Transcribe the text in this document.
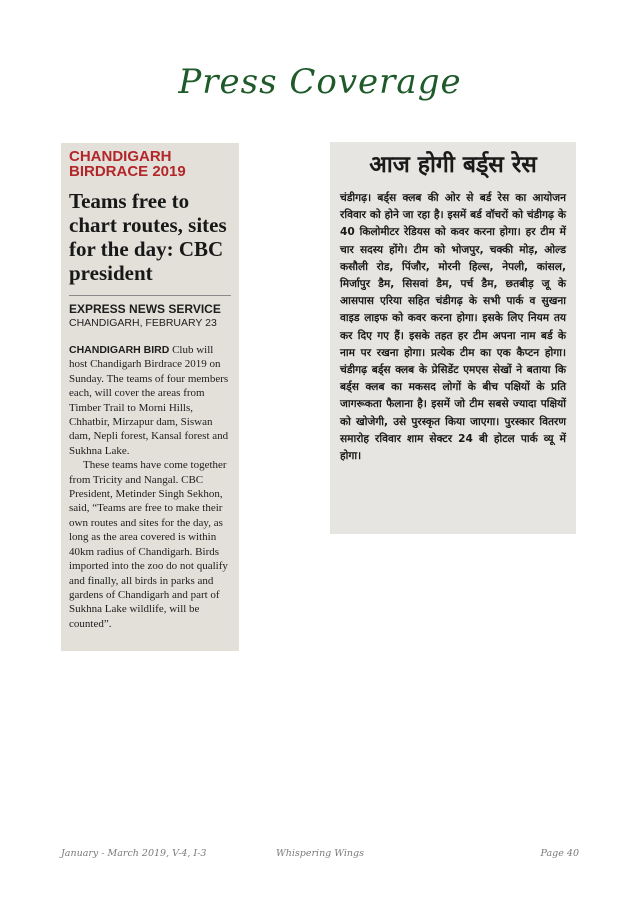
Press Coverage
CHANDIGARH
BIRDRACE 2019
Teams free to chart routes, sites for the day: CBC president
EXPRESS NEWS SERVICE
CHANDIGARH, FEBRUARY 23

CHANDIGARH BIRD Club will host Chandigarh Birdrace 2019 on Sunday. The teams of four members each, will cover the areas from Timber Trail to Morni Hills, Chhatbir, Mirzapur dam, Siswan dam, Nepli forest, Kansal forest and Sukhna Lake.

These teams have come together from Tricity and Nangal. CBC President, Metinder Singh Sekhon, said, “Teams are free to make their own routes and sites for the day, as long as the area covered is within 40km radius of Chandigarh. Birds imported into the zoo do not qualify and finally, all birds in parks and gardens of Chandigarh and part of Sukhna Lake wildlife, will be counted”.

आज होगी बर्ड्स रेस
चंडीगढ़। बर्ड्स क्लब की ओर से बर्ड रेस का आयोजन रविवार को होने जा रहा है। इसमें बर्ड वॉचरों को चंडीगढ़ के 40 किलोमीटर रेडियस को कवर करना होगा। हर टीम में चार सदस्य होंगे। टीम को भोजपुर, चक्की मोड़, ओल्ड कसौली रोड, पिंजौर, मोरनी हिल्स, नेपली, कांसल, मिर्जापुर डैम, सिसवां डैम, पर्च डैम, छतबीड़ जू के आसपास एरिया सहित चंडीगढ़ के सभी पार्क व सुखना वाइड लाइफ को कवर करना होगा। इसके लिए नियम तय कर दिए गए हैं। इसके तहत हर टीम अपना नाम बर्ड के नाम पर रखना होगा। प्रत्येक टीम का एक कैप्टन होगा। चंडीगढ़ बर्ड्स क्लब के प्रेसिडेंट एमएस सेखों ने बताया कि बर्ड्स क्लब का मकसद लोगों के बीच पक्षियों के प्रति जागरूकता फैलाना है। इसमें जो टीम सबसे ज्यादा पक्षियों को खोजेगी, उसे पुरस्कृत किया जाएगा। पुरस्कार वितरण समारोह रविवार शाम सेक्टर 24 बी होटल पार्क व्यू में होगा।
January - March 2019, V-4, I-3	Whispering Wings	Page 40
